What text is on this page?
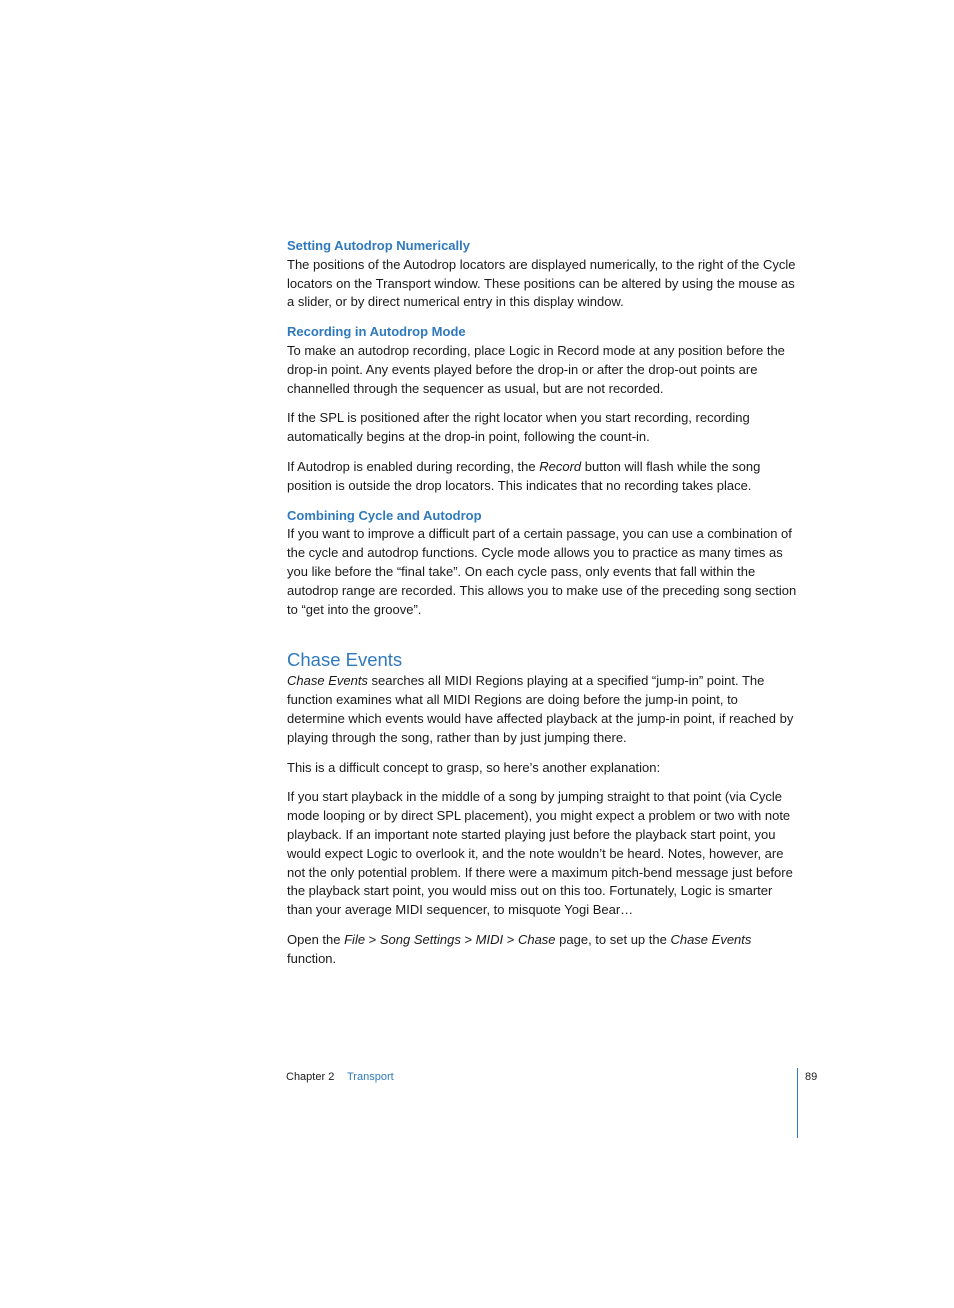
Setting Autodrop Numerically

The positions of the Autodrop locators are displayed numerically, to the right of the Cycle locators on the Transport window. These positions can be altered by using the mouse as a slider, or by direct numerical entry in this display window.

Recording in Autodrop Mode

To make an autodrop recording, place Logic in Record mode at any position before the drop-in point. Any events played before the drop-in or after the drop-out points are channelled through the sequencer as usual, but are not recorded.

If the SPL is positioned after the right locator when you start recording, recording automatically begins at the drop-in point, following the count-in.

If Autodrop is enabled during recording, the Record button will flash while the song position is outside the drop locators. This indicates that no recording takes place.

Combining Cycle and Autodrop

If you want to improve a difficult part of a certain passage, you can use a combination of the cycle and autodrop functions. Cycle mode allows you to practice as many times as you like before the “final take”. On each cycle pass, only events that fall within the autodrop range are recorded. This allows you to make use of the preceding song section to “get into the groove”.

Chase Events

Chase Events searches all MIDI Regions playing at a specified “jump-in” point. The function examines what all MIDI Regions are doing before the jump-in point, to determine which events would have affected playback at the jump-in point, if reached by playing through the song, rather than by just jumping there.

This is a difficult concept to grasp, so here’s another explanation:

If you start playback in the middle of a song by jumping straight to that point (via Cycle mode looping or by direct SPL placement), you might expect a problem or two with note playback. If an important note started playing just before the playback start point, you would expect Logic to overlook it, and the note wouldn’t be heard. Notes, however, are not the only potential problem. If there were a maximum pitch-bend message just before the playback start point, you would miss out on this too. Fortunately, Logic is smarter than your average MIDI sequencer, to misquote Yogi Bear…

Open the File > Song Settings > MIDI > Chase page, to set up the Chase Events function.

Chapter 2 Transport	89
